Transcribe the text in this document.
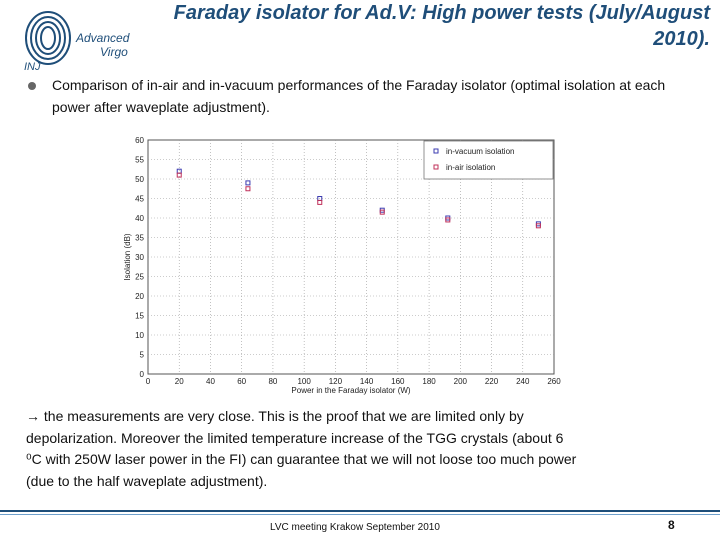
Advanced
Virgo
INJ
Faraday isolator for Ad.V: High power tests (July/August
2010).
Comparison of in-air and in-vacuum performances of the Faraday isolator (optimal isolation at each power after waveplate adjustment).
0	20	40	60	80	100 120 140 160 180 200 220 240 260
0
5
10
15
20
25
30
35
40
45
50
55
60
Power in the Faraday isolator (W)
Isolation (dB)
in-vacuum isolation
in-air isolation
→ the measurements are very close. This is the proof that we are limited only by
depolarization. Moreover the limited temperature increase of the TGG crystals (about 6
⁰C with 250W laser power in the FI) can guarantee that we will not loose too much power
(due to the half waveplate adjustment).
LVC meeting Krakow September 2010	8
